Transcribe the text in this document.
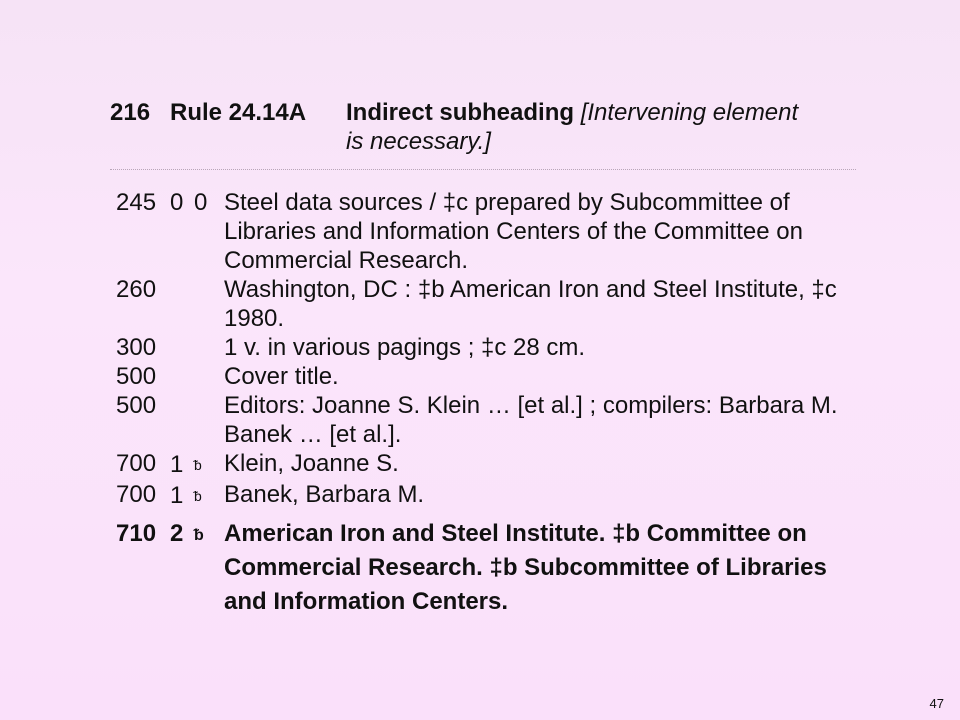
216 Rule 24.14A Indirect subheading [Intervening element
is necessary.]
245 0 0 Steel data sources / ‡c prepared by Subcommittee of Libraries and Information Centers of the Committee on Commercial Research.
260	Washington, DC : ‡b American Iron and Steel Institute, ‡c 1980.
300	1 v. in various pagings ; ‡c 28 cm.
500	Cover title.
500	Editors: Joanne S. Klein … [et al.] ; compilers: Barbara M. Banek … [et al.].
700 1 ᵬ Klein, Joanne S.
700 1 ᵬ Banek, Barbara M.
710 2 ᵬ American Iron and Steel Institute. ‡b Committee on Commercial Research. ‡b Subcommittee of Libraries and Information Centers.
47
